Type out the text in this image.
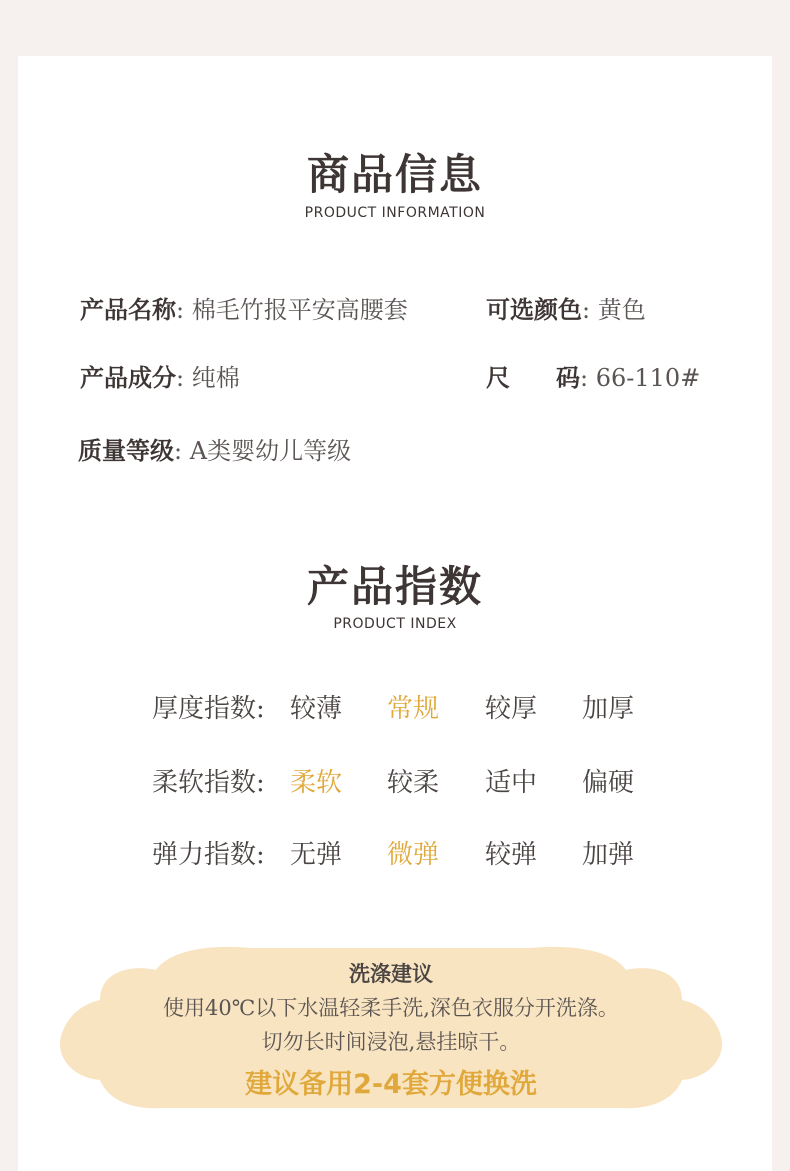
商品信息
PRODUCT INFORMATION
产品名称: 棉毛竹报平安高腰套	可选颜色: 黄色
产品成分: 纯棉	尺 码: 66-110#
质量等级: A类婴幼儿等级
产品指数
PRODUCT INDEX
厚度指数: 较薄 常规 较厚 加厚
柔软指数: 柔软 较柔 适中 偏硬
弹力指数: 无弹 微弹 较弹 加弹
洗涤建议
使用40℃以下水温轻柔手洗,深色衣服分开洗涤。
切勿长时间浸泡,悬挂晾干。
建议备用2-4套方便换洗
